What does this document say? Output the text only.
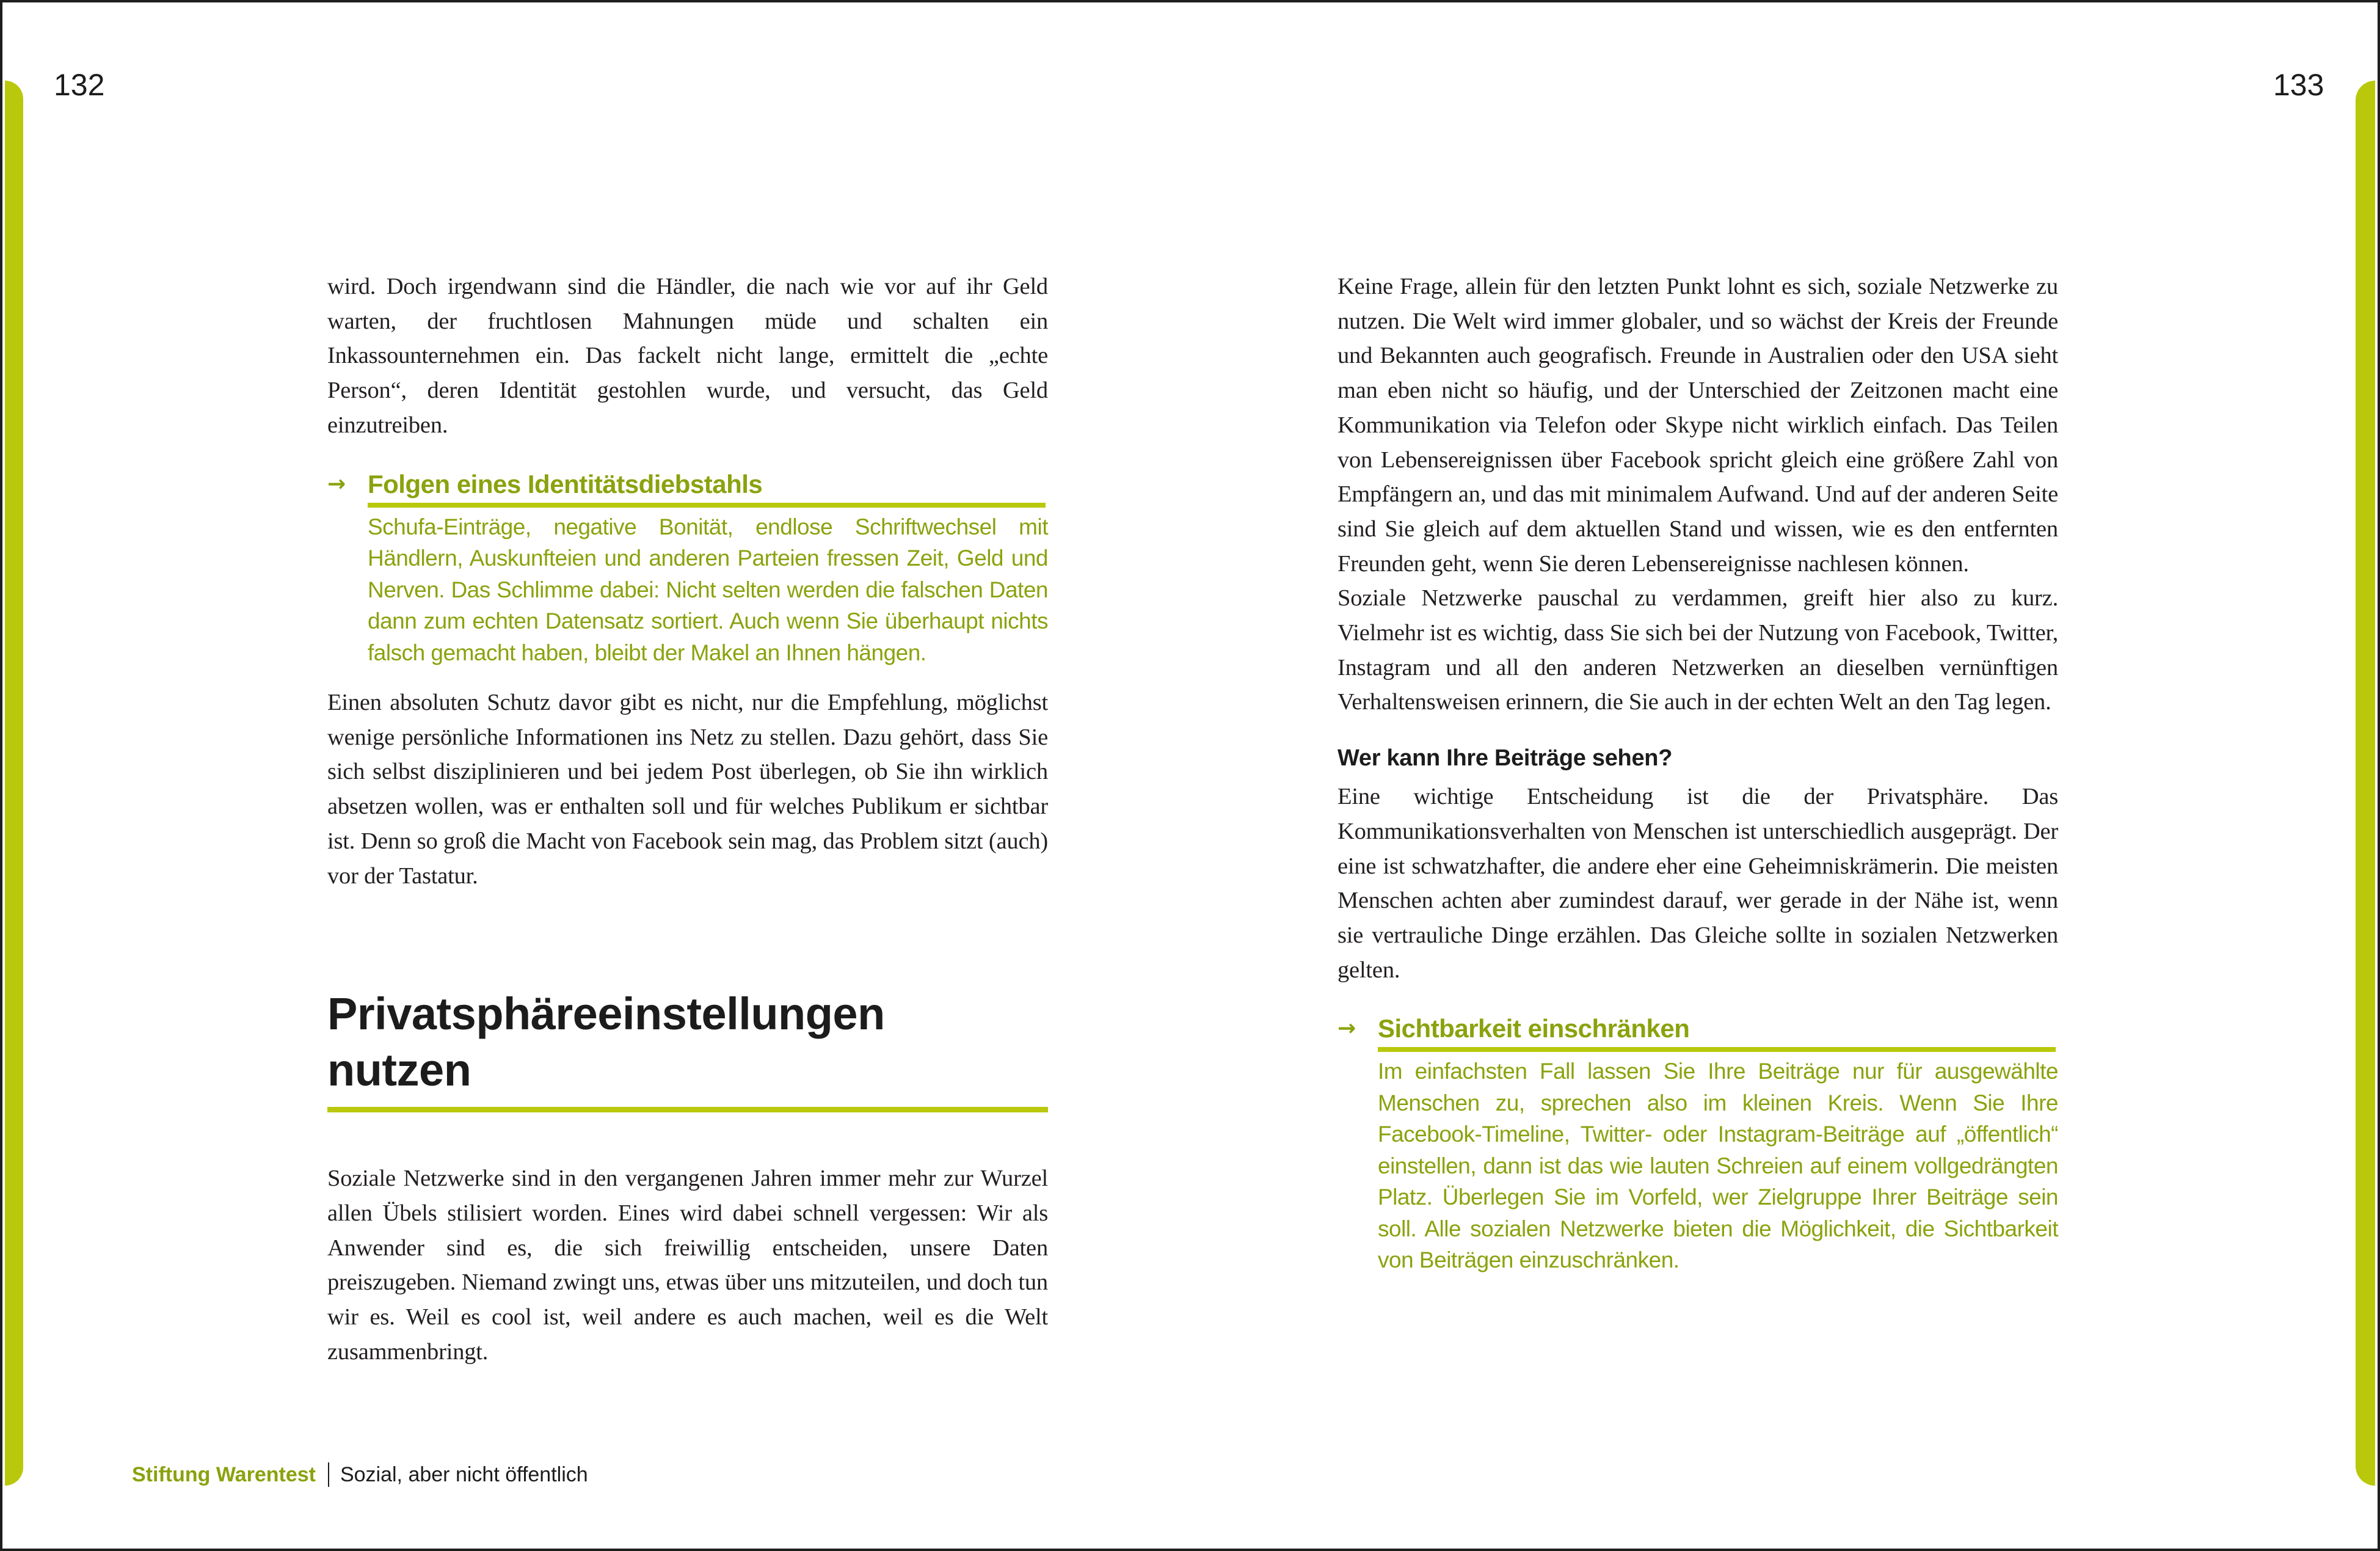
132	133

wird. Doch irgendwann sind die Händler, die nach wie vor auf ihr Geld warten, der fruchtlosen Mahnungen müde und schalten ein Inkassounternehmen ein. Das fackelt nicht lange, ermittelt die „echte Person“, deren Identität gestohlen wurde, und versucht, das Geld einzutreiben.

→ Folgen eines Identitätsdiebstahls

Schufa-Einträge, negative Bonität, endlose Schriftwechsel mit Händlern, Auskunfteien und anderen Parteien fressen Zeit, Geld und Nerven. Das Schlimme dabei: Nicht selten werden die falschen Daten dann zum echten Datensatz sortiert. Auch wenn Sie überhaupt nichts falsch gemacht haben, bleibt der Makel an Ihnen hängen.

Einen absoluten Schutz davor gibt es nicht, nur die Empfehlung, möglichst wenige persönliche Informationen ins Netz zu stellen. Dazu gehört, dass Sie sich selbst disziplinieren und bei jedem Post überlegen, ob Sie ihn wirklich absetzen wollen, was er enthalten soll und für welches Publikum er sichtbar ist. Denn so groß die Macht von Facebook sein mag, das Problem sitzt (auch) vor der Tastatur.

Privatsphäreeinstellungen
nutzen

Soziale Netzwerke sind in den vergangenen Jahren immer mehr zur Wurzel allen Übels stilisiert worden. Eines wird dabei schnell vergessen: Wir als Anwender sind es, die sich freiwillig entscheiden, unsere Daten preiszugeben. Niemand zwingt uns, etwas über uns mitzuteilen, und doch tun wir es. Weil es cool ist, weil andere es auch machen, weil es die Welt zusammenbringt.

Keine Frage, allein für den letzten Punkt lohnt es sich, soziale Netzwerke zu nutzen. Die Welt wird immer globaler, und so wächst der Kreis der Freunde und Bekannten auch geografisch. Freunde in Australien oder den USA sieht man eben nicht so häufig, und der Unterschied der Zeitzonen macht eine Kommunikation via Telefon oder Skype nicht wirklich einfach. Das Teilen von Lebensereignissen über Facebook spricht gleich eine größere Zahl von Empfängern an, und das mit minimalem Aufwand. Und auf der anderen Seite sind Sie gleich auf dem aktuellen Stand und wissen, wie es den entfernten Freunden geht, wenn Sie deren Lebensereignisse nachlesen können.

Soziale Netzwerke pauschal zu verdammen, greift hier also zu kurz. Vielmehr ist es wichtig, dass Sie sich bei der Nutzung von Facebook, Twitter, Instagram und all den anderen Netzwerken an dieselben vernünftigen Verhaltensweisen erinnern, die Sie auch in der echten Welt an den Tag legen.

Wer kann Ihre Beiträge sehen?

Eine wichtige Entscheidung ist die der Privatsphäre. Das Kommunikationsverhalten von Menschen ist unterschiedlich ausgeprägt. Der eine ist schwatzhafter, die andere eher eine Geheimniskrämerin. Die meisten Menschen achten aber zumindest darauf, wer gerade in der Nähe ist, wenn sie vertrauliche Dinge erzählen. Das Gleiche sollte in sozialen Netzwerken gelten.

→ Sichtbarkeit einschränken

Im einfachsten Fall lassen Sie Ihre Beiträge nur für ausgewählte Menschen zu, sprechen also im kleinen Kreis. Wenn Sie Ihre Facebook-Timeline, Twitter- oder Instagram-Beiträge auf „öffentlich“ einstellen, dann ist das wie lauten Schreien auf einem vollgedrängten Platz. Überlegen Sie im Vorfeld, wer Zielgruppe Ihrer Beiträge sein soll. Alle sozialen Netzwerke bieten die Möglichkeit, die Sichtbarkeit von Beiträgen einzuschränken.

Stiftung Warentest Sozial, aber nicht öffentlich
